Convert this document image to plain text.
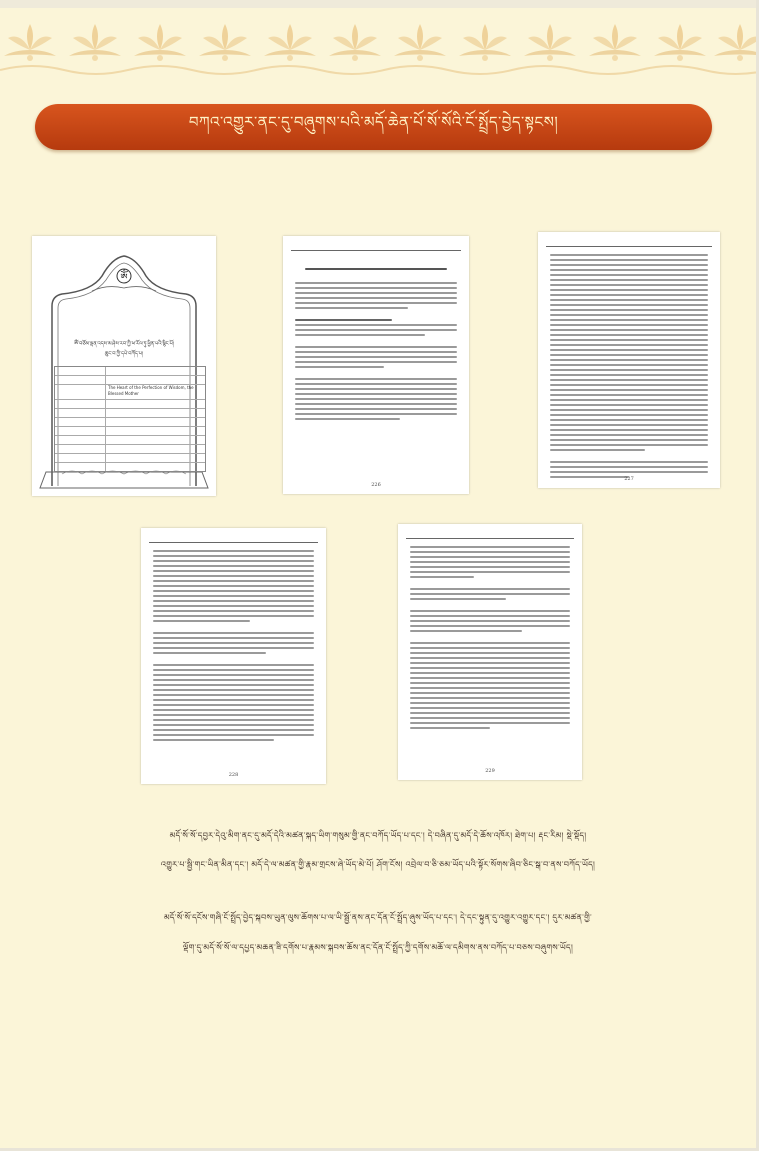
བཀའ་འགྱུར་ནང་དུ་བཞུགས་པའི་མདོ་ཆེན་པོ་སོ་སོའི་ངོ་སྤྲོད་བྱེད་སྟངས།
ༀ
ༀ་བཅོམ་ལྡན་འདས་མ་ཤེས་རབ་ཀྱི་ཕ་རོལ་ཏུ་ཕྱིན་པའི་སྙིང་པོ།
ཆུང་བ་ཀྱི་དཔེ་བཀོད་པ།
The Heart of the Perfection of Wisdom, the Blessed Mother
226
227
228
229
མདོ་སོ་སོ་དབྱར་དེའུ་མིག་ནང་དུ་མདོ་དེའི་མཚན་སྐད་ཡིག་གསུམ་གྱི་ནང་བཀོད་ཡོད་པ་དང་། དེ་བཞིན་དུ་མདོ་དེ་ཆོས་འཁོར། ཐེག་པ། རྡང་རིམ། སྡེ་སྡོད།
འགྱུར་པ་སྦྱི་གང་ཡིན་མིན་དང་། མདོ་དེ་ལ་མཚན་གྱི་རྣམ་གྲངས་ཞེ་ཡོད་མེ་པོ། ཤོག་ངོས། འབྲེལ་བ་ཅི་ཅམ་ཡོད་པའི་སྟོར་སོགས་ཞིབ་ཅིང་སྒ་བ་ནས་བཀོད་ཡོད།
མདོ་སོ་སོ་དངོས་གཞི་ངོ་སྤྲོད་བྱེད་སྐབས་ཡུན་ལུས་ཆོགས་པ་ལ་ཡི་སྦྱོ་ནས་ནང་དོན་ངོ་སྤྲོད་ཞུས་ཡོད་པ་དང་། དེ་དང་སྟུན་དུ་འགྱུར་འགྱུར་དང་། དུར་མཚན་གྱི་
ལྡོག་དུ་མདོ་སོ་སོ་ལ་དཔྱད་མཆན་ཟི་དགོས་པ་རྣམས་སྐབས་ཆོས་ནང་དོན་ངོ་སྤྲོད་ཀྱི་དགོས་མཆོ་ལ་དམིགས་ནས་བཀོད་པ་བཅས་བཞུགས་ཡོད།
